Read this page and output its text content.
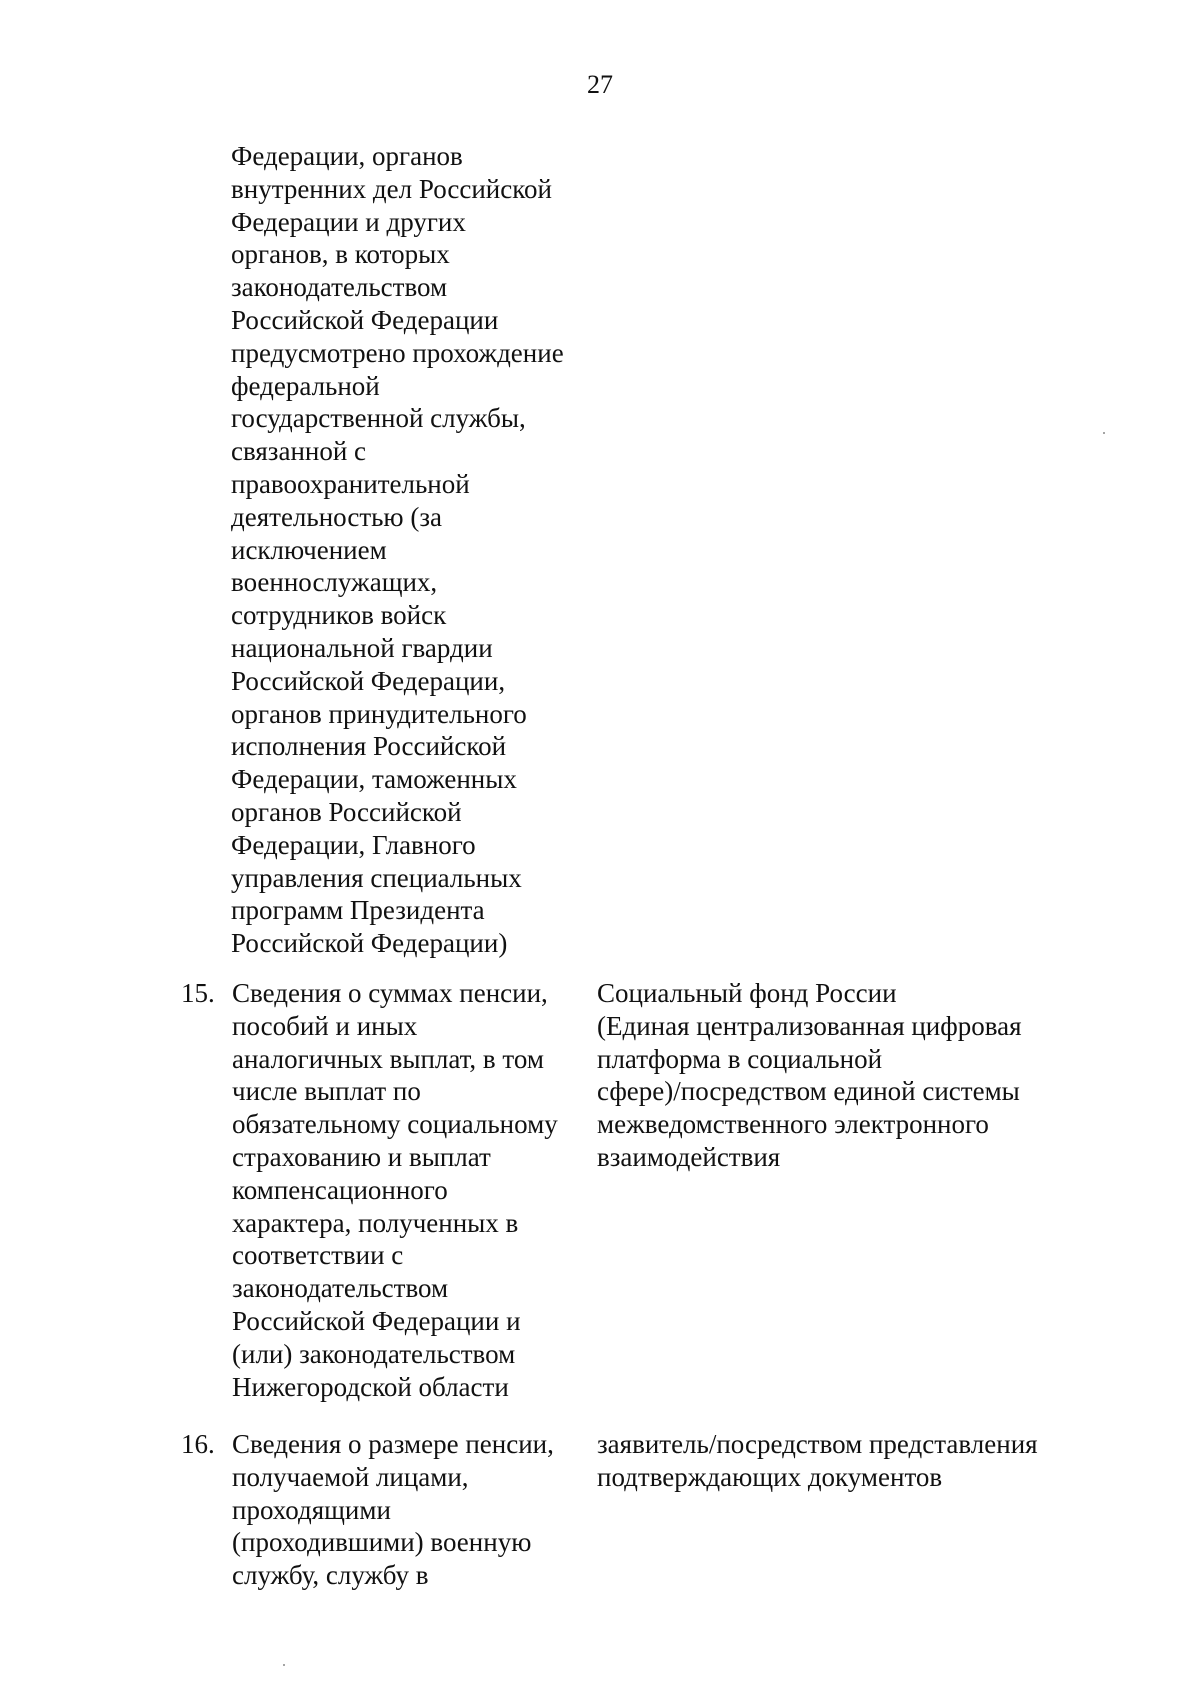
27
Федерации, органов
внутренних дел Российской
Федерации и других
органов, в которых
законодательством
Российской Федерации
предусмотрено прохождение
федеральной
государственной службы,
связанной с
правоохранительной
деятельностью (за
исключением
военнослужащих,
сотрудников войск
национальной гвардии
Российской Федерации,
органов принудительного
исполнения Российской
Федерации, таможенных
органов Российской
Федерации, Главного
управления специальных
программ Президента
Российской Федерации)
15. Сведения о суммах пенсии,
пособий и иных
аналогичных выплат, в том
числе выплат по
обязательному социальному
страхованию и выплат
компенсационного
характера, полученных в
соответствии с
законодательством
Российской Федерации и
(или) законодательством
Нижегородской области
Социальный фонд России
(Единая централизованная цифровая
платформа в социальной
сфере)/посредством единой системы
межведомственного электронного
взаимодействия
16. Сведения о размере пенсии,
получаемой лицами,
проходящими
(проходившими) военную
службу, службу в
заявитель/посредством представления
подтверждающих документов
